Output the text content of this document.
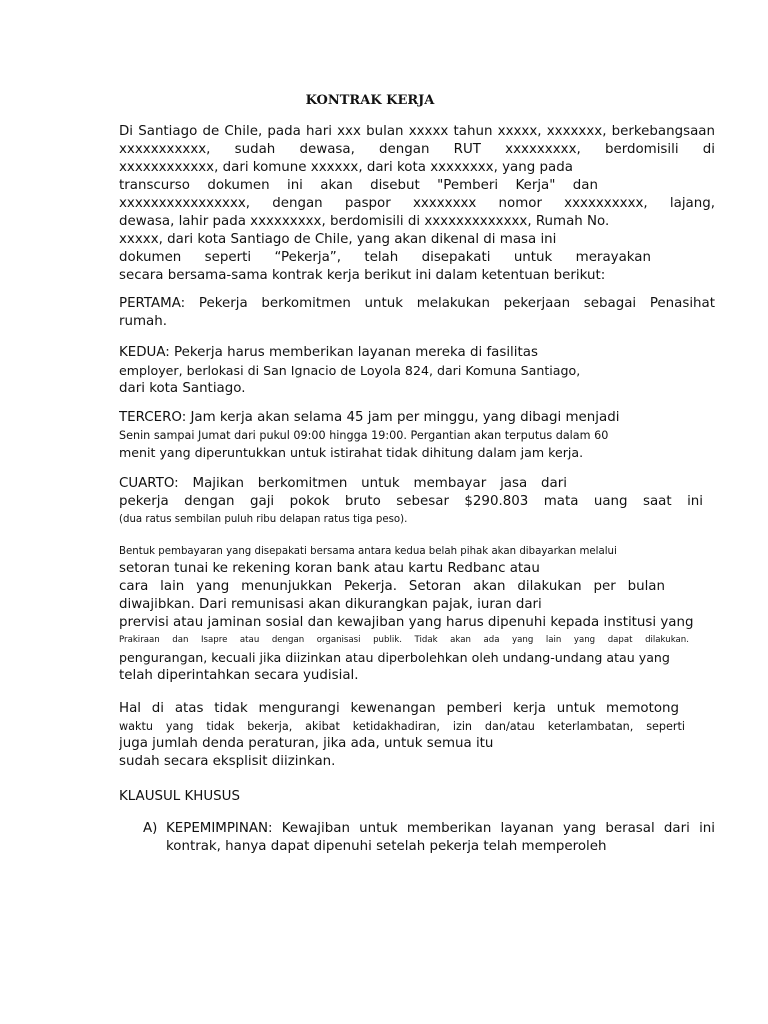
KONTRAK KERJA
Di Santiago de Chile, pada hari xxx bulan xxxxx tahun xxxxx, xxxxxxx, berkebangsaan
xxxxxxxxxxx, sudah dewasa, dengan RUT xxxxxxxxx, berdomisili di
xxxxxxxxxxxx, dari komune xxxxxx, dari kota xxxxxxxx, yang pada
transcurso dokumen ini akan disebut "Pemberi Kerja" dan
xxxxxxxxxxxxxxxx, dengan paspor xxxxxxxx nomor xxxxxxxxxx, lajang,
dewasa, lahir pada xxxxxxxxx, berdomisili di xxxxxxxxxxxxx, Rumah No.
xxxxx, dari kota Santiago de Chile, yang akan dikenal di masa ini
dokumen seperti “Pekerja”, telah disepakati untuk merayakan
secara bersama-sama kontrak kerja berikut ini dalam ketentuan berikut:
PERTAMA: Pekerja berkomitmen untuk melakukan pekerjaan sebagai Penasihat
rumah.
KEDUA: Pekerja harus memberikan layanan mereka di fasilitas
employer, berlokasi di San Ignacio de Loyola 824, dari Komuna Santiago,
dari kota Santiago.
TERCERO: Jam kerja akan selama 45 jam per minggu, yang dibagi menjadi
Senin sampai Jumat dari pukul 09:00 hingga 19:00. Pergantian akan terputus dalam 60
menit yang diperuntukkan untuk istirahat tidak dihitung dalam jam kerja.
CUARTO: Majikan berkomitmen untuk membayar jasa dari
pekerja dengan gaji pokok bruto sebesar $290.803 mata uang saat ini
(dua ratus sembilan puluh ribu delapan ratus tiga peso).
Bentuk pembayaran yang disepakati bersama antara kedua belah pihak akan dibayarkan melalui
setoran tunai ke rekening koran bank atau kartu Redbanc atau
cara lain yang menunjukkan Pekerja. Setoran akan dilakukan per bulan
diwajibkan. Dari remunisasi akan dikurangkan pajak, iuran dari
prervisi atau jaminan sosial dan kewajiban yang harus dipenuhi kepada institusi yang
Prakiraan dan Isapre atau dengan organisasi publik. Tidak akan ada yang lain yang dapat dilakukan.
pengurangan, kecuali jika diizinkan atau diperbolehkan oleh undang-undang atau yang
telah diperintahkan secara yudisial.
Hal di atas tidak mengurangi kewenangan pemberi kerja untuk memotong
waktu yang tidak bekerja, akibat ketidakhadiran, izin dan/atau keterlambatan, seperti
juga jumlah denda peraturan, jika ada, untuk semua itu
sudah secara eksplisit diizinkan.
KLAUSUL KHUSUS
A) KEPEMIMPINAN: Kewajiban untuk memberikan layanan yang berasal dari ini
kontrak, hanya dapat dipenuhi setelah pekerja telah memperoleh
